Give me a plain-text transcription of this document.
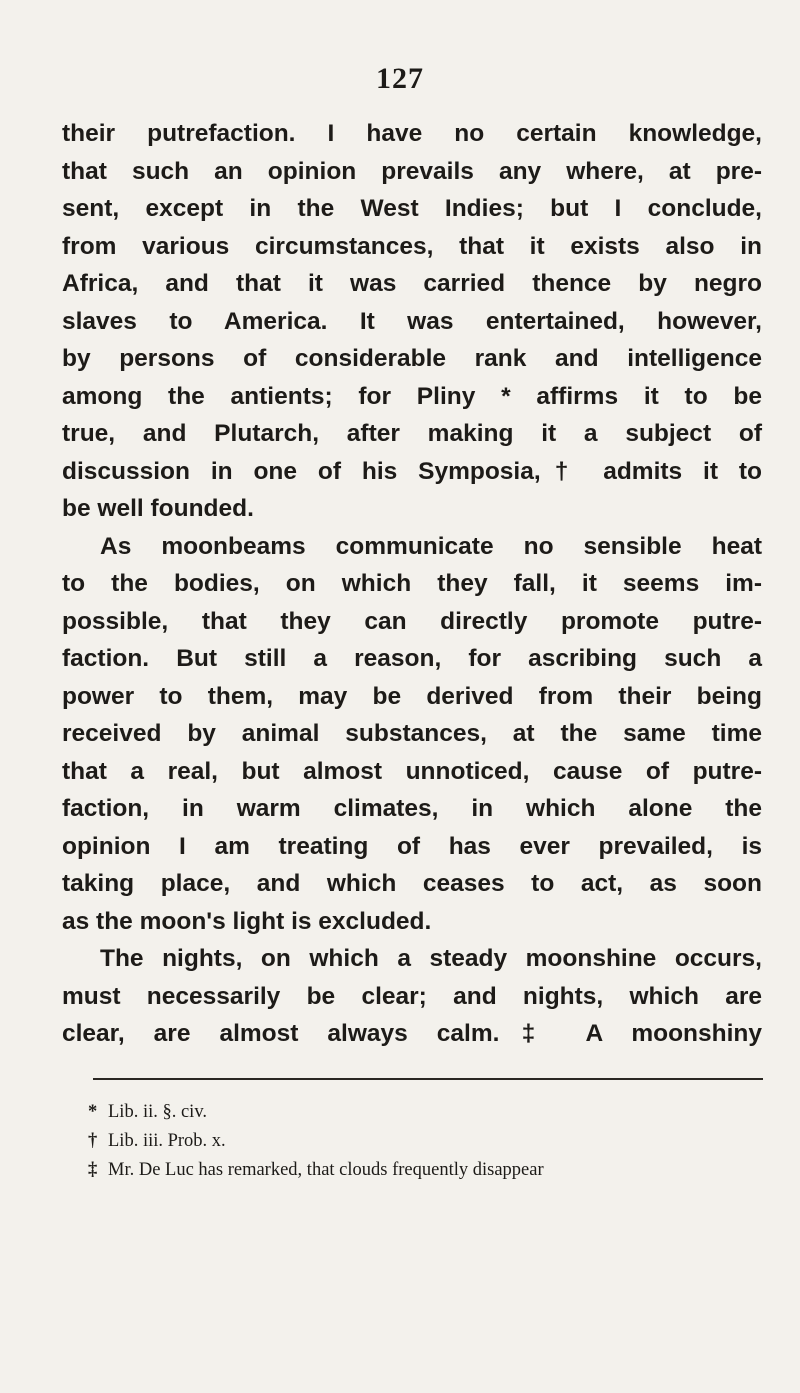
127
their putrefaction. I have no certain knowledge,
that such an opinion prevails any where, at pre-
sent, except in the West Indies; but I conclude,
from various circumstances, that it exists also in
Africa, and that it was carried thence by negro
slaves to America. It was entertained, however,
by persons of considerable rank and intelligence
among the antients; for Pliny * affirms it to be
true, and Plutarch, after making it a subject of
discussion in one of his Symposia,† admits it to
be well founded.
As moonbeams communicate no sensible heat
to the bodies, on which they fall, it seems im-
possible, that they can directly promote putre-
faction. But still a reason, for ascribing such a
power to them, may be derived from their being
received by animal substances, at the same time
that a real, but almost unnoticed, cause of putre-
faction, in warm climates, in which alone the
opinion I am treating of has ever prevailed, is
taking place, and which ceases to act, as soon
as the moon's light is excluded.
The nights, on which a steady moonshine occurs,
must necessarily be clear; and nights, which are
clear, are almost always calm.‡ A moonshiny
* Lib. ii. §. civ.
† Lib. iii. Prob. x.
‡ Mr. De Luc has remarked, that clouds frequently disappear
